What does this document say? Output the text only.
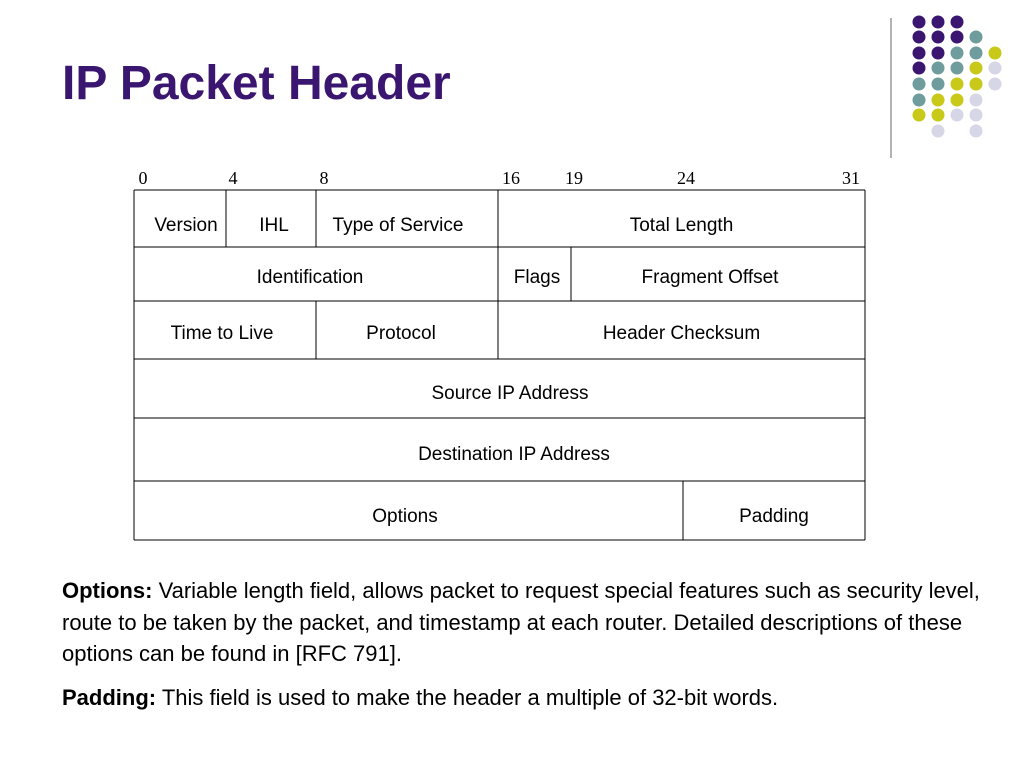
IP Packet Header
0	4	8	16	19	24	31
Version	IHL	Type of Service	Total Length
Identification	Flags	Fragment Offset
Time to Live	Protocol	Header Checksum
Source IP Address
Destination IP Address
Options	Padding

Options: Variable length field, allows packet to request special features such as security level, route to be taken by the packet, and timestamp at each router. Detailed descriptions of these options can be found in [RFC 791].

Padding: This field is used to make the header a multiple of 32-bit words.
